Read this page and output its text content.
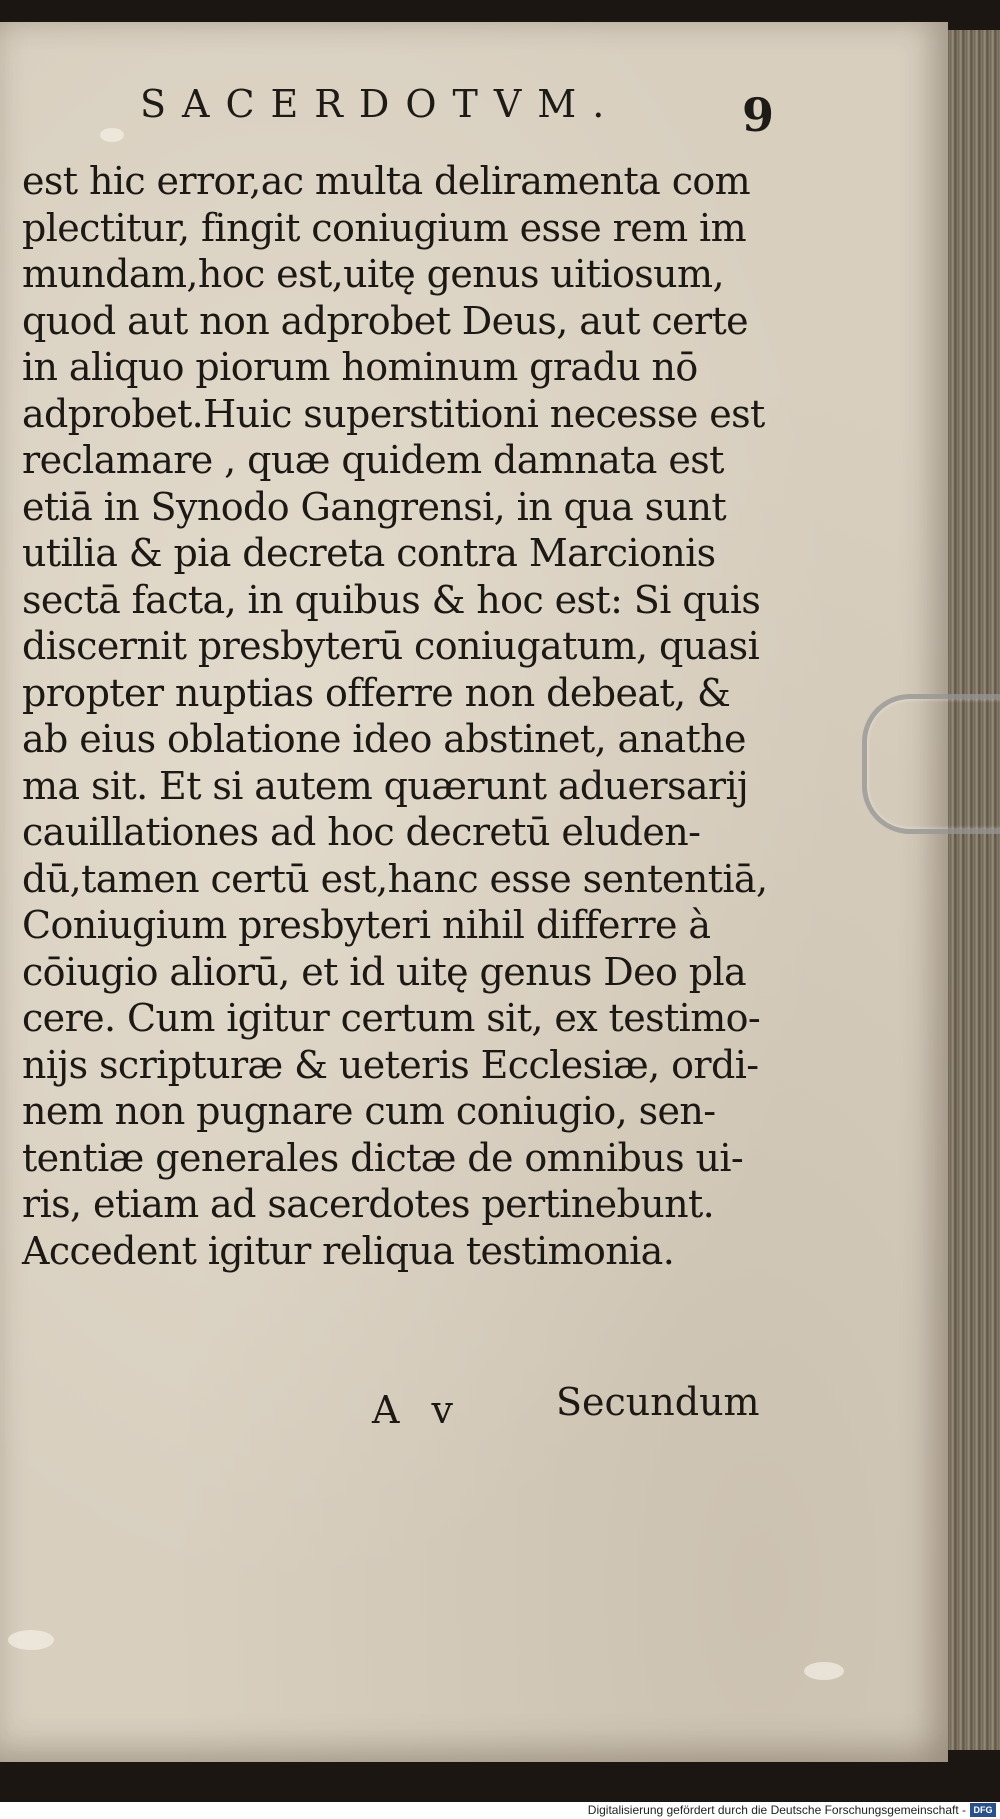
SACERDOTVM.	9
est hic error,ac multa deliramenta com
plectitur, fingit coniugium esse rem im
mundam,hoc est,uitę genus uitiosum,
quod aut non adprobet Deus, aut certe
in aliquo piorum hominum gradu nō
adprobet.Huic superstitioni necesse est
reclamare , quæ quidem damnata est
etiā in Synodo Gangrensi, in qua sunt
utilia & pia decreta contra Marcionis
sectā facta, in quibus & hoc est: Si quis
discernit presbyterū coniugatum, quasi
propter nuptias offerre non debeat, &
ab eius oblatione ideo abstinet, anathe
ma sit. Et si autem quærunt aduersarij
cauillationes ad hoc decretū eluden-
dū,tamen certū est,hanc esse sententiā,
Coniugium presbyteri nihil differre à
cōiugio aliorū, et id uitę genus Deo pla
cere. Cum igitur certum sit, ex testimo-
nijs scripturæ & ueteris Ecclesiæ, ordi-
nem non pugnare cum coniugio, sen-
tentiæ generales dictæ de omnibus ui-
ris, etiam ad sacerdotes pertinebunt.
Accedent igitur reliqua testimonia.
A v Secundum
Digitalisierung gefördert durch die Deutsche Forschungsgemeinschaft - DFG
